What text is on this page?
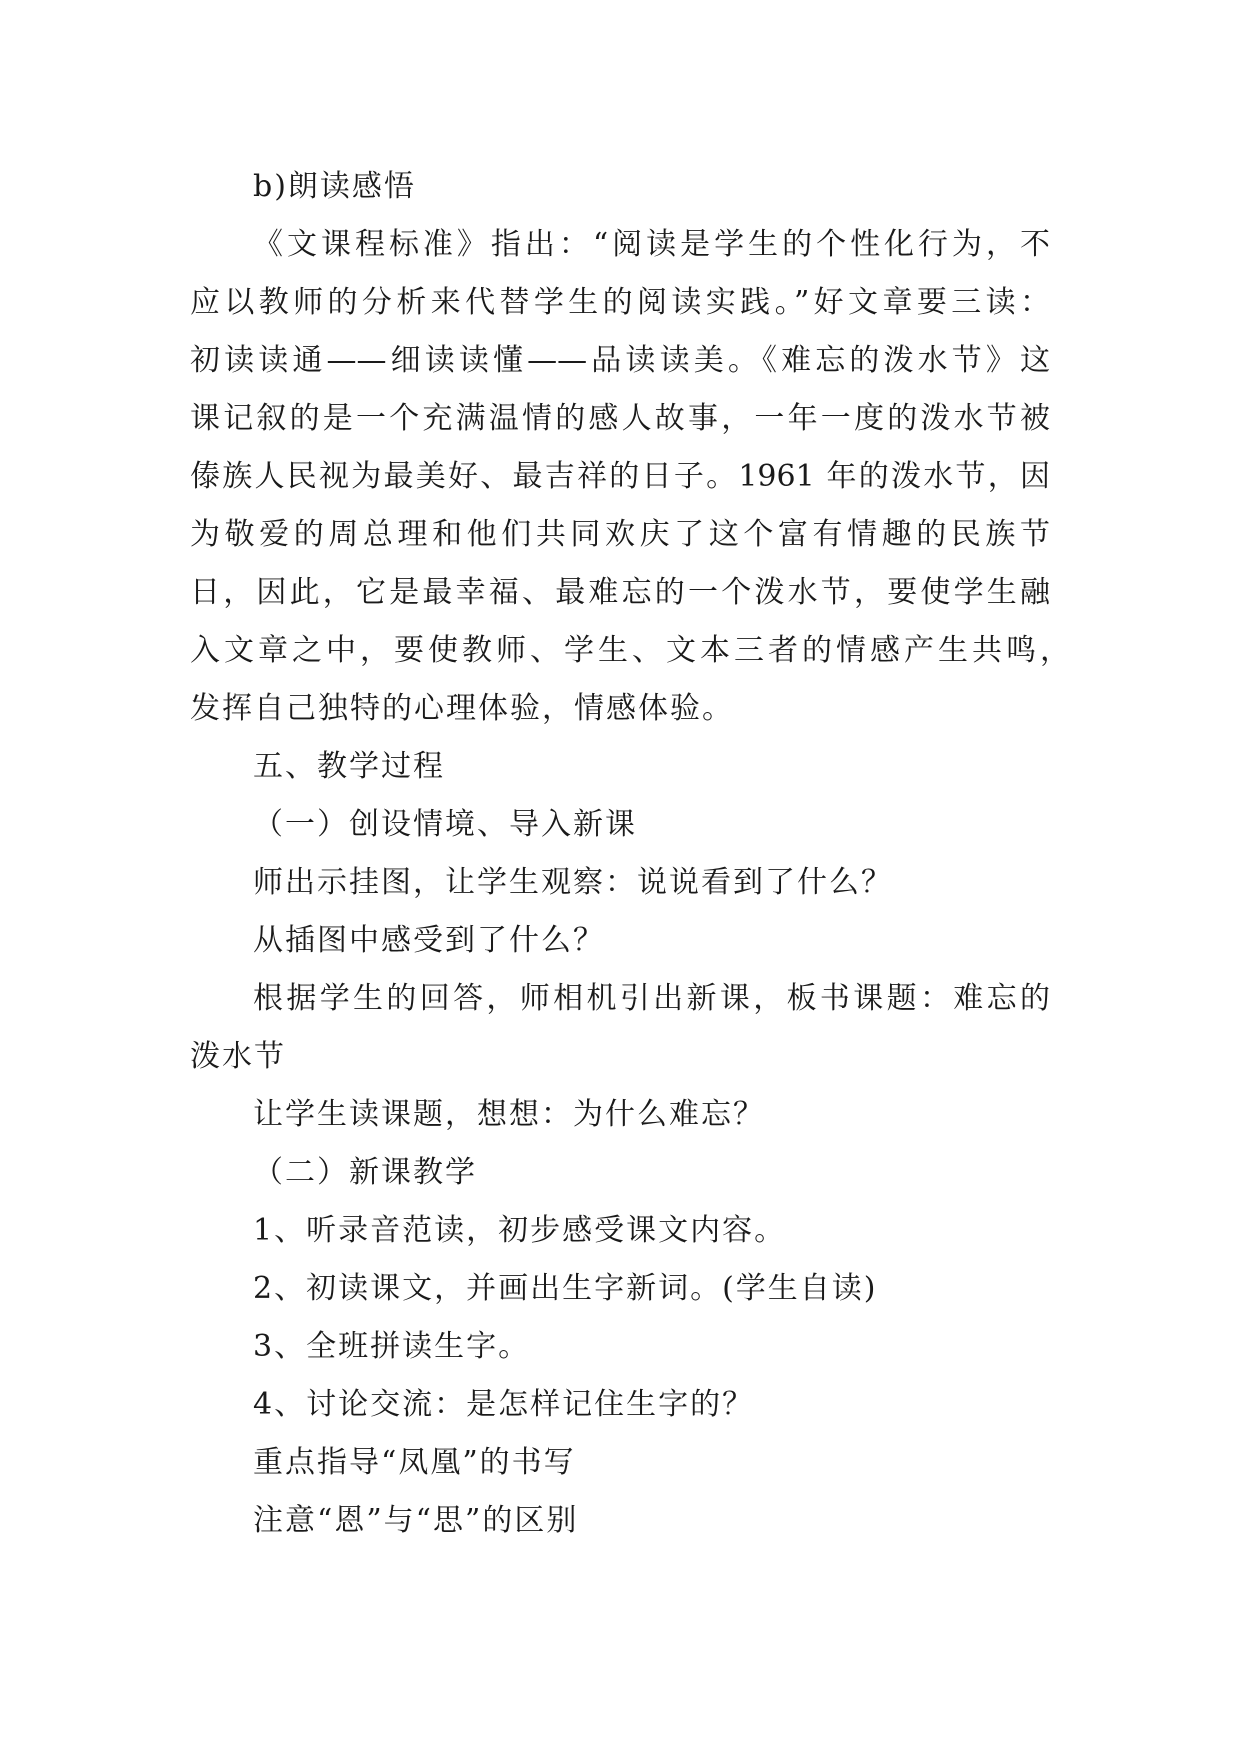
b)朗读感悟
《文课程标准》指出：“阅读是学生的个性化行为，不
应以教师的分析来代替学生的阅读实践。”好文章要三读：
初读读通——细读读懂——品读读美。《难忘的泼水节》这
课记叙的是一个充满温情的感人故事，一年一度的泼水节被
傣族人民视为最美好、最吉祥的日子。1961 年的泼水节，因
为敬爱的周总理和他们共同欢庆了这个富有情趣的民族节
日，因此，它是最幸福、最难忘的一个泼水节，要使学生融
入文章之中，要使教师、学生、文本三者的情感产生共鸣，
发挥自己独特的心理体验，情感体验。
五、教学过程
（一）创设情境、导入新课
师出示挂图，让学生观察：说说看到了什么？
从插图中感受到了什么？
根据学生的回答，师相机引出新课，板书课题：难忘的
泼水节
让学生读课题，想想：为什么难忘？
（二）新课教学
1、听录音范读，初步感受课文内容。
2、初读课文，并画出生字新词。(学生自读)
3、全班拼读生字。
4、讨论交流：是怎样记住生字的？
重点指导“凤凰”的书写
注意“恩”与“思”的区别
